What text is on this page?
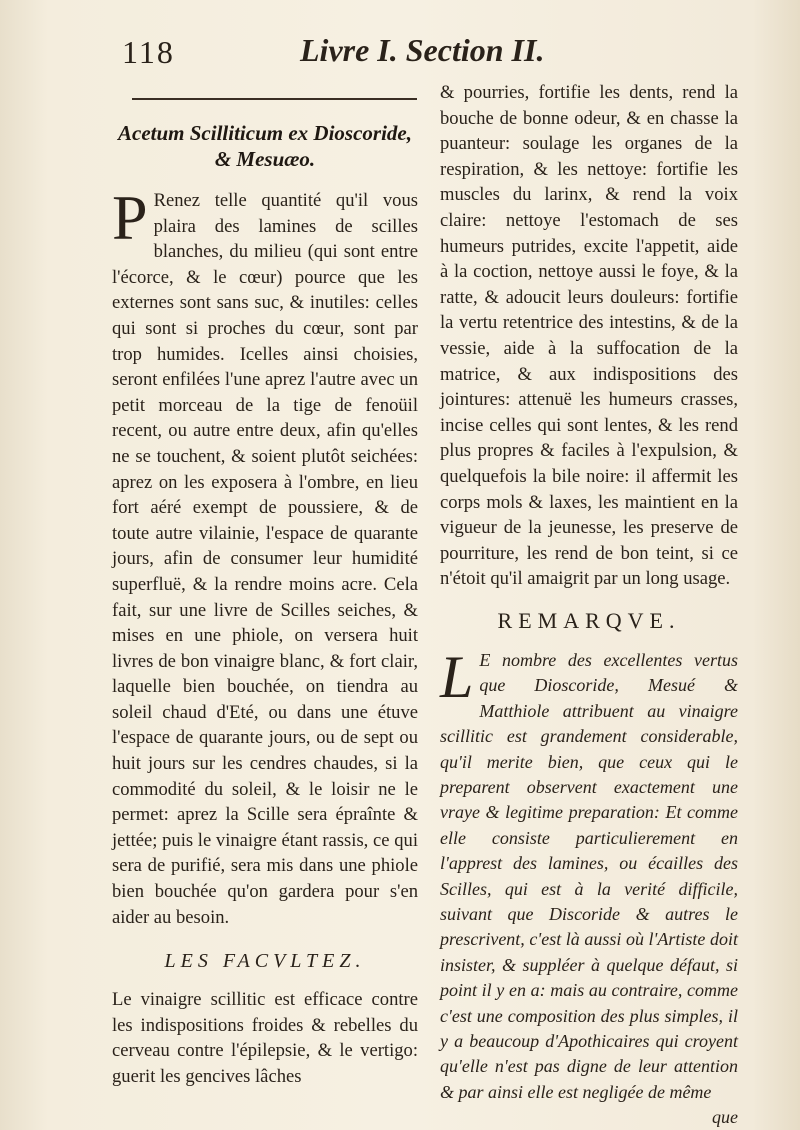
118	Livre I. Section II.
Acetum Scilliticum ex Dioscoride, & Mesuæo.

P Renez telle quantité qu'il vous plaira des lamines de scilles blanches, du milieu (qui sont entre l'écorce, & le cœur) pource que les externes sont sans suc, & inutiles: celles qui sont si proches du cœur, sont par trop humides. Icelles ainsi choisies, seront enfilées l'une aprez l'autre avec un petit morceau de la tige de fenoüil recent, ou autre entre deux, afin qu'elles ne se touchent, & soient plutôt seichées: aprez on les exposera à l'ombre, en lieu fort aéré exempt de poussiere, & de toute autre vilainie, l'espace de quarante jours, afin de consumer leur humidité superfluë, & la rendre moins acre. Cela fait, sur une livre de Scilles seiches, & mises en une phiole, on versera huit livres de bon vinaigre blanc, & fort clair, laquelle bien bouchée, on tiendra au soleil chaud d'Eté, ou dans une étuve l'espace de quarante jours, ou de sept ou huit jours sur les cendres chaudes, si la commodité du soleil, & le loisir ne le permet: aprez la Scille sera épraînte & jettée; puis le vinaigre étant rassis, ce qui sera de purifié, sera mis dans une phiole bien bouchée qu'on gardera pour s'en aider au besoin.

LES FACVLTEZ.

Le vinaigre scillitic est efficace contre les indispositions froides & rebelles du cerveau contre l'épilepsie, & le vertigo: guerit les gencives lâches

& pourries, fortifie les dents, rend la bouche de bonne odeur, & en chasse la puanteur: soulage les organes de la respiration, & les nettoye: fortifie les muscles du larinx, & rend la voix claire: nettoye l'estomach de ses humeurs putrides, excite l'appetit, aide à la coction, nettoye aussi le foye, & la ratte, & adoucit leurs douleurs: fortifie la vertu retentrice des intestins, & de la vessie, aide à la suffocation de la matrice, & aux indispositions des jointures: attenuë les humeurs crasses, incise celles qui sont lentes, & les rend plus propres & faciles à l'expulsion, & quelquefois la bile noire: il affermit les corps mols & laxes, les maintient en la vigueur de la jeunesse, les preserve de pourriture, les rend de bon teint, si ce n'étoit qu'il amaigrit par un long usage.

REMARQVE.

L E nombre des excellentes vertus que Dioscoride, Mesué & Matthiole attribuent au vinaigre scillitic est grandement considerable, qu'il merite bien, que ceux qui le preparent observent exactement une vraye & legitime preparation: Et comme elle consiste particulierement en l'apprest des lamines, ou écailles des Scilles, qui est à la verité difficile, suivant que Discoride & autres le prescrivent, c'est là aussi où l'Artiste doit insister, & suppléer à quelque défaut, si point il y en a: mais au contraire, comme c'est une composition des plus simples, il y a beaucoup d'Apothicaires qui croyent qu'elle n'est pas digne de leur attention & par ainsi elle est negligée de même

que
